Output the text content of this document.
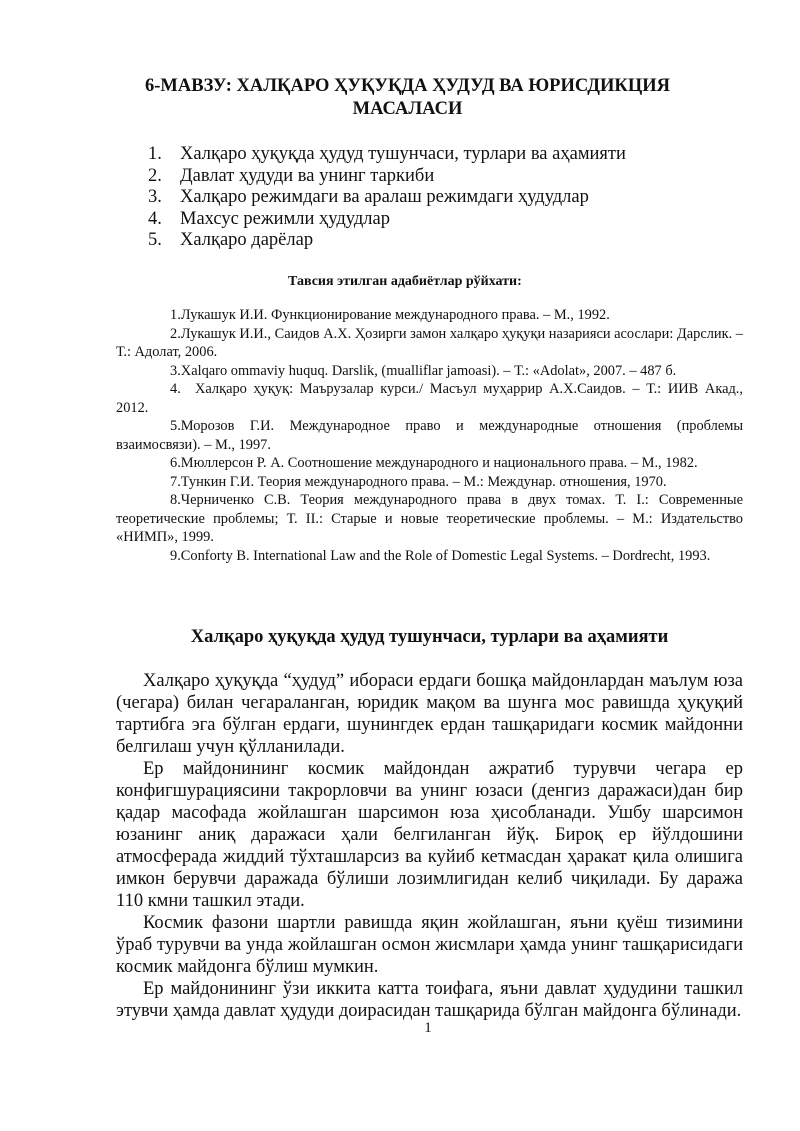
6-МАВЗУ: ХАЛҚАРО ҲУҚУҚДА ҲУДУД ВА ЮРИСДИКЦИЯ МАСАЛАСИ
1. Халқаро ҳуқуқда ҳудуд тушунчаси, турлари ва аҳамияти
2. Давлат ҳудуди ва унинг таркиби
3. Халқаро режимдаги ва аралаш режимдаги ҳудудлар
4. Махсус режимли ҳудудлар
5. Халқаро дарёлар

Тавсия этилган адабиётлар рўйхати:

1.Лукашук И.И. Функционирование международного права. – М., 1992.

2.Лукашук И.И., Саидов А.Х. Ҳозирги замон халқаро ҳуқуқи назарияси асослари: Дарслик. – Т.: Адолат, 2006.

3.Xalqaro ommaviy huquq. Darslik, (mualliflar jamoasi). – Т.: «Adolat», 2007. – 487 б.

4. Халқаро ҳуқуқ: Маърузалар курси./ Масъул муҳаррир А.Х.Саидов. – Т.: ИИВ Акад., 2012.

5.Морозов Г.И. Международное право и международные отношения (проблемы взаимосвязи). – М., 1997.

6.Мюллерсон Р. А. Соотношение международного и национального права. – М., 1982.

7.Тункин Г.И. Теория международного права. – М.: Междунар. отношения, 1970.

8.Черниченко С.В. Теория международного права в двух томах. Т. I.: Современные теоретические проблемы; Т. II.: Старые и новые теоретические проблемы. – М.: Издательство «НИМП», 1999.

9.Conforty B. International Law and the Role of Domestic Legal Systems. – Dordrecht, 1993.

Халқаро ҳуқуқда ҳудуд тушунчаси, турлари ва аҳамияти

Халқаро ҳуқуқда “ҳудуд” ибораси ердаги бошқа майдонлардан маълум юза (чегара) билан чегараланган, юридик мақом ва шунга мос равишда ҳуқуқий тартибга эга бўлган ердаги, шунингдек ердан ташқаридаги космик майдонни белгилаш учун қўлланилади.

Ер майдонининг космик майдондан ажратиб турувчи чегара ер конфигшурациясини такрорловчи ва унинг юзаси (денгиз даражаси)дан бир қадар масофада жойлашган шарсимон юза ҳисобланади. Ушбу шарсимон юзанинг аниқ даражаси ҳали белгиланган йўқ. Бироқ ер йўлдошини атмосферада жиддий тўхташларсиз ва куйиб кетмасдан ҳаракат қила олишига имкон берувчи даражада бўлиши лозимлигидан келиб чиқилади. Бу даража 110 кмни ташкил этади.

Космик фазони шартли равишда яқин жойлашган, яъни қуёш тизимини ўраб турувчи ва унда жойлашган осмон жисмлари ҳамда унинг ташқарисидаги космик майдонга бўлиш мумкин.

Ер майдонининг ўзи иккита катта тоифага, яъни давлат ҳудудини ташкил этувчи ҳамда давлат ҳудуди доирасидан ташқарида бўлган майдонга бўлинади.

1
